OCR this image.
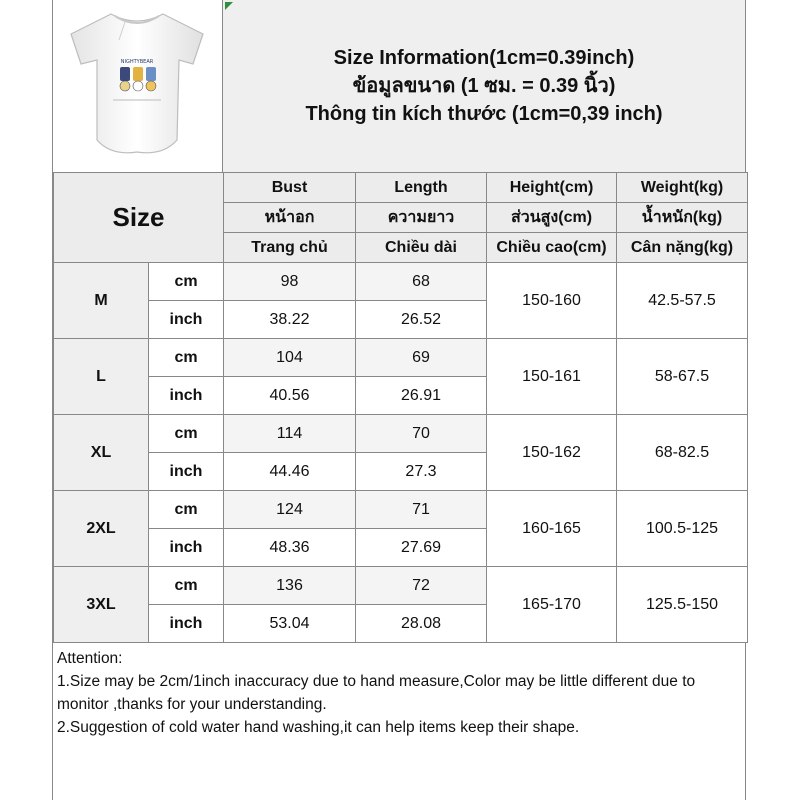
NIGHTYBEAR	Size Information(1cm=0.39inch)
ข้อมูลขนาด (1 ซม. = 0.39 นิ้ว)
Thông tin kích thước (1cm=0,39 inch)
Size		Bust	Length	Height(cm)	Weight(kg)
		หน้าอก	ความยาว	ส่วนสูง(cm)	น้ำหนัก(kg)
		Trang chủ	Chiều dài	Chiều cao(cm)	Cân nặng(kg)
M	cm	98	68	150-160	42.5-57.5
	inch	38.22	26.52		
L	cm	104	69	150-161	58-67.5
	inch	40.56	26.91		
XL	cm	114	70	150-162	68-82.5
	inch	44.46	27.3		
2XL	cm	124	71	160-165	100.5-125
	inch	48.36	27.69		
3XL	cm	136	72	165-170	125.5-150
	inch	53.04	28.08		
Attention:
1.Size may be 2cm/1inch inaccuracy due to hand measure,Color may be little different due to monitor ,thanks for your understanding.
2.Suggestion of cold water hand washing,it can help items keep their shape.
